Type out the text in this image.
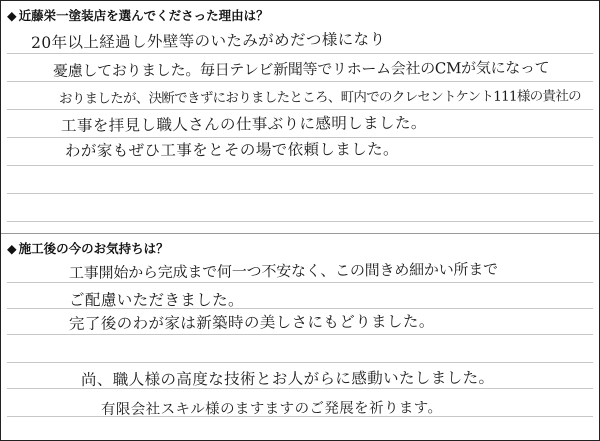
◆ 近藤栄一塗装店を選んでくださった理由は？
20年以上経過し外壁等のいたみがめだつ様になり
憂慮しておりました。毎日テレビ新聞等でリホーム会社のCMが気になって
おりましたが、決断できずにおりましたところ、町内でのクレセントケント111様の貴社の
工事を拝見し職人さんの仕事ぶりに感明しました。
わが家もぜひ工事をとその場で依頼しました。
◆ 施工後の今のお気持ちは？
工事開始から完成まで何一つ不安なく、この間きめ細かい所まで
ご配慮いただきました。
完了後のわが家は新築時の美しさにもどりました。
尚、職人様の高度な技術とお人がらに感動いたしました。
有限会社スキル様のますますのご発展を祈ります。
